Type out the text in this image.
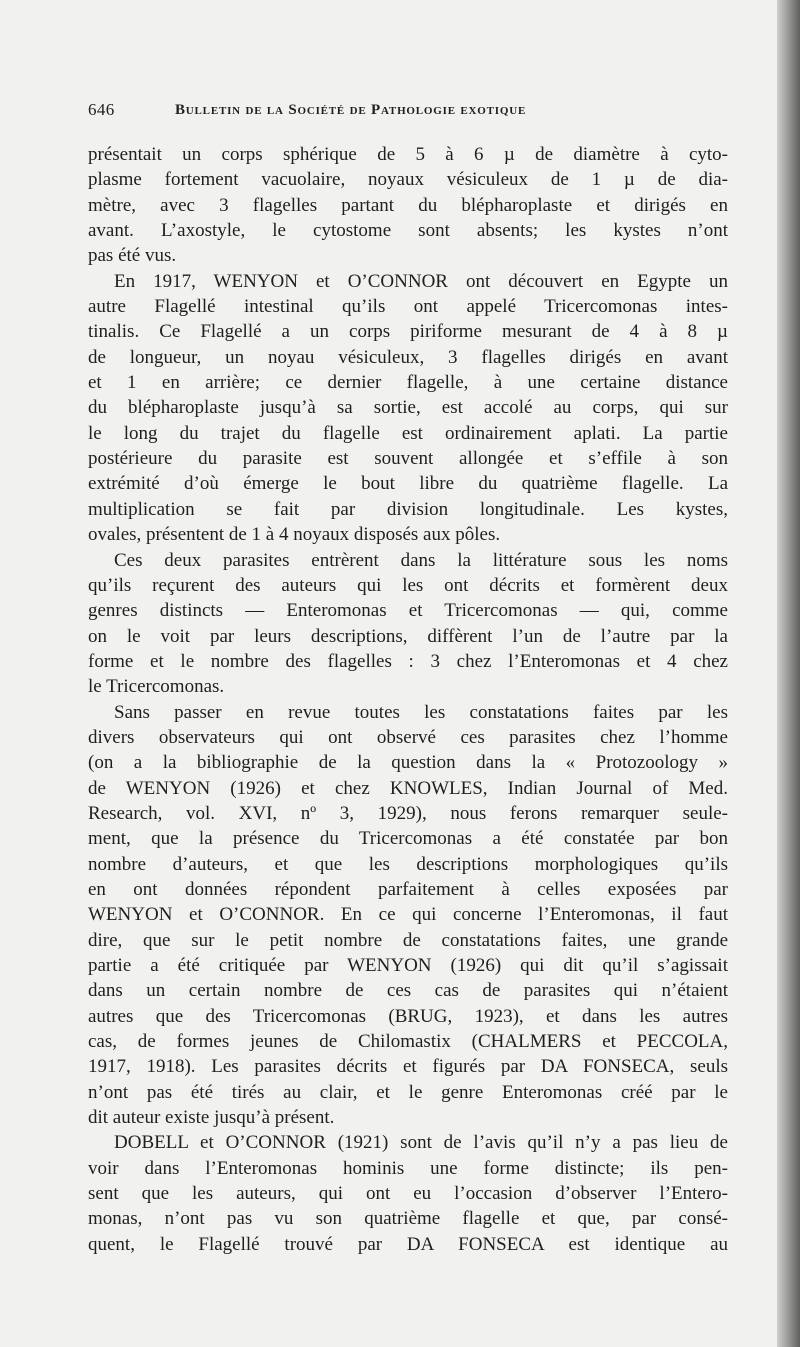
646	Bulletin de la Société de Pathologie exotique

présentait un corps sphérique de 5 à 6 µ de diamètre à cyto-
plasme fortement vacuolaire, noyaux vésiculeux de 1 µ de dia-
mètre, avec 3 flagelles partant du blépharoplaste et dirigés en
avant. L’axostyle, le cytostome sont absents; les kystes n’ont
pas été vus.

En 1917, WENYON et O’CONNOR ont découvert en Egypte un
autre Flagellé intestinal qu’ils ont appelé Tricercomonas intes-
tinalis. Ce Flagellé a un corps piriforme mesurant de 4 à 8 µ
de longueur, un noyau vésiculeux, 3 flagelles dirigés en avant
et 1 en arrière; ce dernier flagelle, à une certaine distance
du blépharoplaste jusqu’à sa sortie, est accolé au corps, qui sur
le long du trajet du flagelle est ordinairement aplati. La partie
postérieure du parasite est souvent allongée et s’effile à son
extrémité d’où émerge le bout libre du quatrième flagelle. La
multiplication se fait par division longitudinale. Les kystes,
ovales, présentent de 1 à 4 noyaux disposés aux pôles.

Ces deux parasites entrèrent dans la littérature sous les noms
qu’ils reçurent des auteurs qui les ont décrits et formèrent deux
genres distincts — Enteromonas et Tricercomonas — qui, comme
on le voit par leurs descriptions, diffèrent l’un de l’autre par la
forme et le nombre des flagelles : 3 chez l’Enteromonas et 4 chez
le Tricercomonas.

Sans passer en revue toutes les constatations faites par les
divers observateurs qui ont observé ces parasites chez l’homme
(on a la bibliographie de la question dans la « Protozoology »
de WENYON (1926) et chez KNOWLES, Indian Journal of Med.
Research, vol. XVI, nº 3, 1929), nous ferons remarquer seule-
ment, que la présence du Tricercomonas a été constatée par bon
nombre d’auteurs, et que les descriptions morphologiques qu’ils
en ont données répondent parfaitement à celles exposées par
WENYON et O’CONNOR. En ce qui concerne l’Enteromonas, il faut
dire, que sur le petit nombre de constatations faites, une grande
partie a été critiquée par WENYON (1926) qui dit qu’il s’agissait
dans un certain nombre de ces cas de parasites qui n’étaient
autres que des Tricercomonas (BRUG, 1923), et dans les autres
cas, de formes jeunes de Chilomastix (CHALMERS et PECCOLA,
1917, 1918). Les parasites décrits et figurés par DA FONSECA, seuls
n’ont pas été tirés au clair, et le genre Enteromonas créé par le
dit auteur existe jusqu’à présent.

DOBELL et O’CONNOR (1921) sont de l’avis qu’il n’y a pas lieu de
voir dans l’Enteromonas hominis une forme distincte; ils pen-
sent que les auteurs, qui ont eu l’occasion d’observer l’Entero-
monas, n’ont pas vu son quatrième flagelle et que, par consé-
quent, le Flagellé trouvé par DA FONSECA est identique au
